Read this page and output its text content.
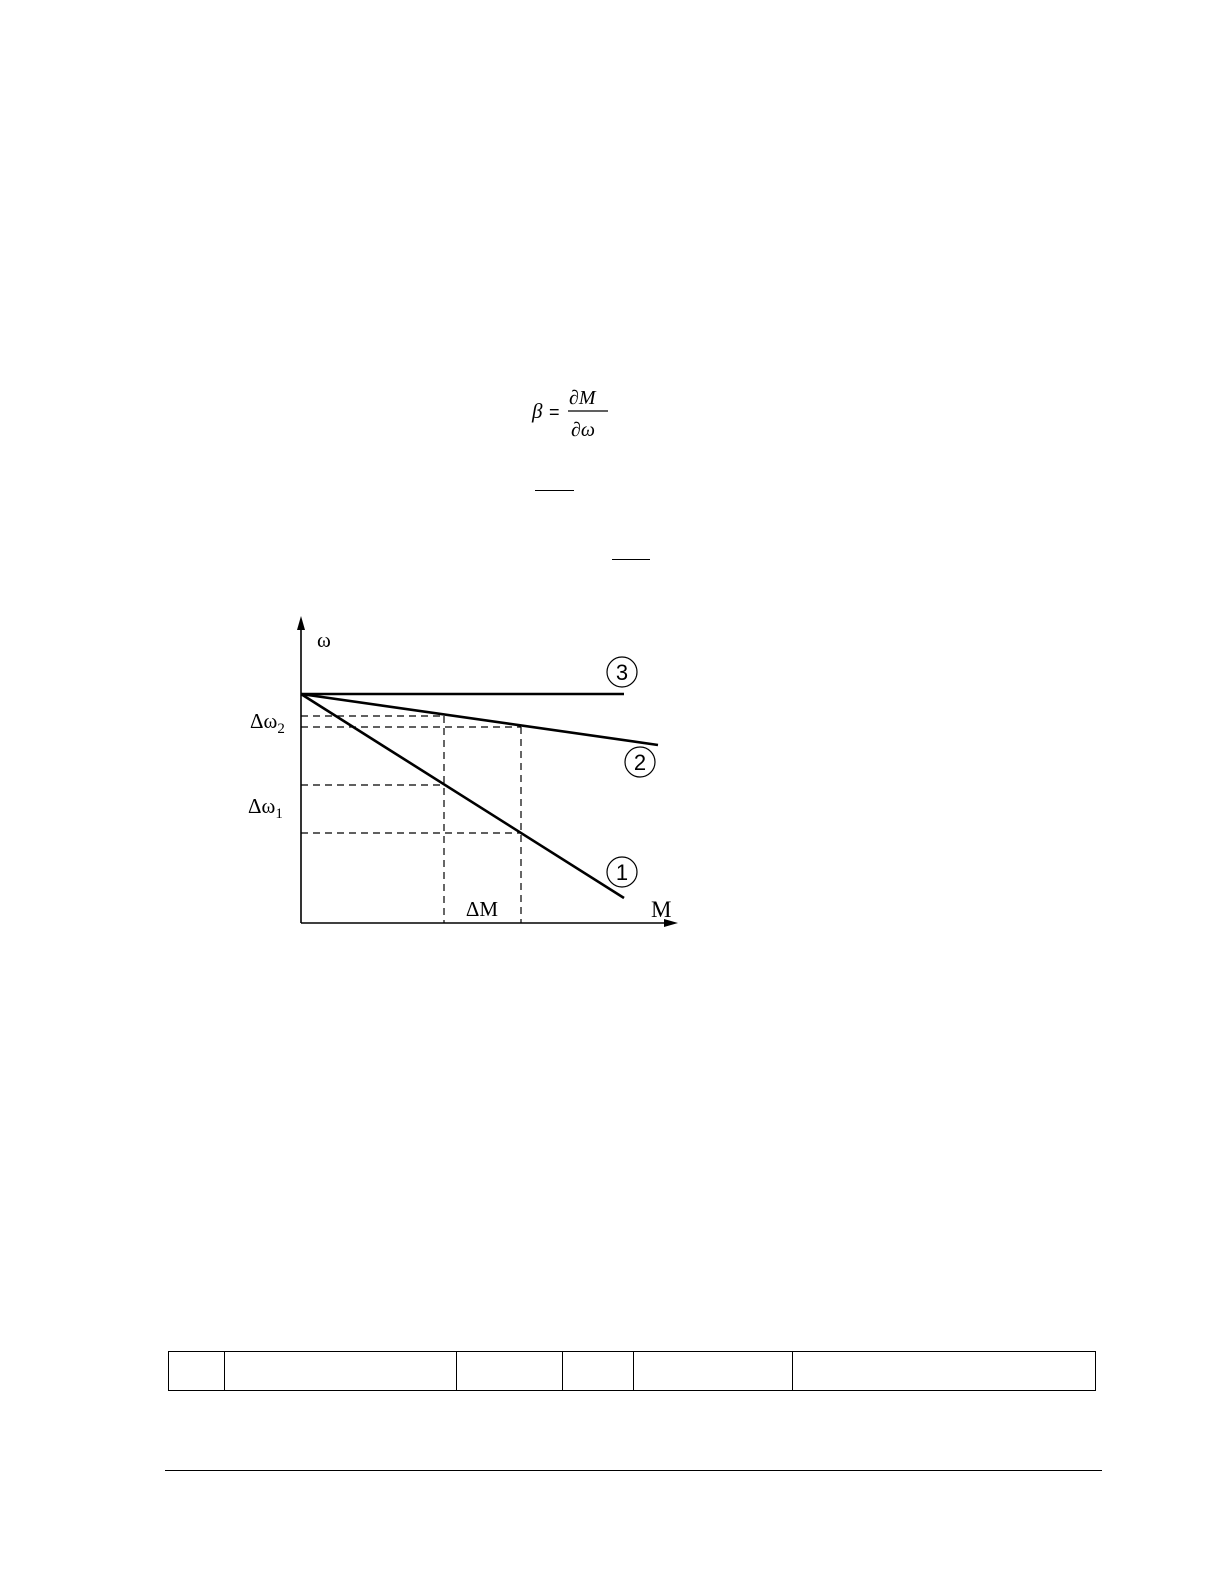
β =
∂M
∂ω
ω
M
3
2
1
$\Delta\omega_2$
$\Delta\omega_1$
ΔM
